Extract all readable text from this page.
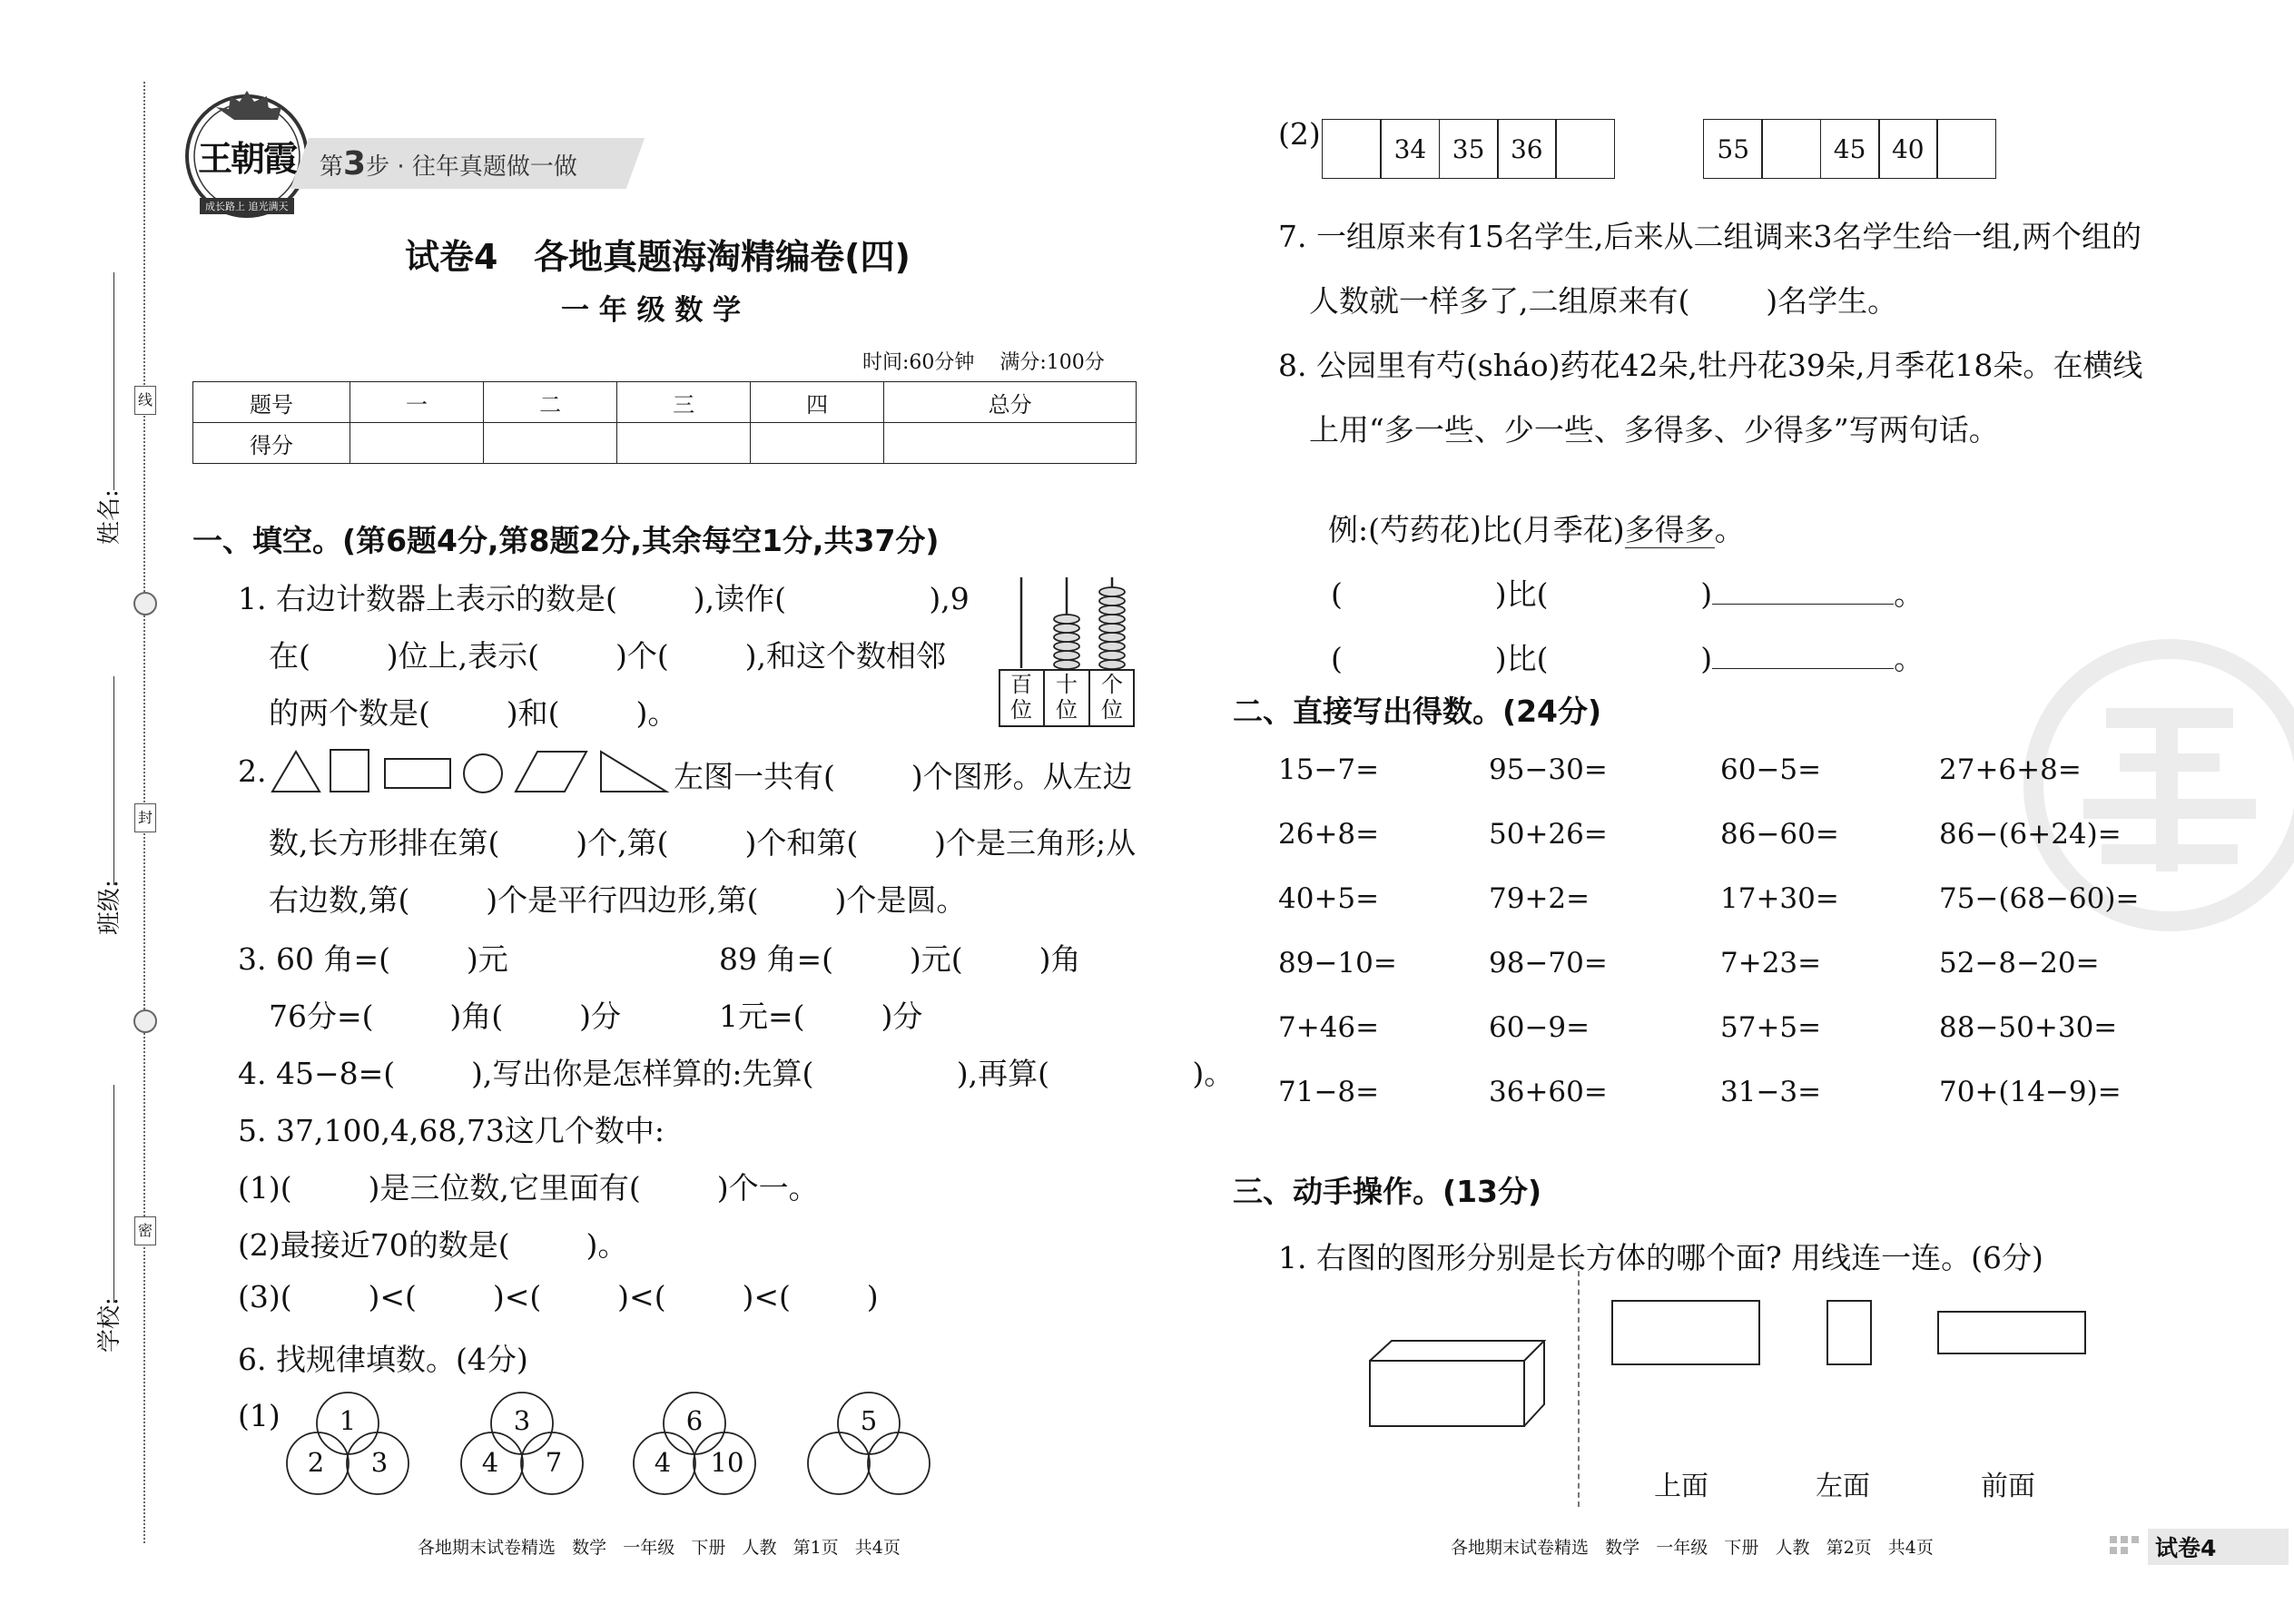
姓名:
班级:
学校:
线
封
密
王朝霞
成长路上 追光满天
第3步 · 往年真题做一做
试卷4   各地真题海淘精编卷(四)
一 年 级 数 学
时间:60分钟    满分:100分
题号	一	二	三	四	总分
得分					
一、填空。(第6题4分,第8题2分,其余每空1分,共37分)
1. 右边计数器上表示的数是(        ),读作(               ),9
在(        )位上,表示(        )个(        ),和这个数相邻
的两个数是(        )和(        )。
百
位
十
位
个
位
2.	左图一共有(        )个图形。从左边
数,长方形排在第(        )个,第(        )个和第(        )个是三角形;从
右边数,第(        )个是平行四边形,第(        )个是圆。
3. 60 角=(        )元	89 角=(        )元(        )角
76分=(        )角(        )分	1元=(        )分
4. 45−8=(        ),写出你是怎样算的:先算(               ),再算(               )。
5. 37,100,4,68,73这几个数中:
(1)(        )是三位数,它里面有(        )个一。
(2)最接近70的数是(        )。
(3)(        )<(        )<(        )<(        )<(        )
6. 找规律填数。(4分)
(1)	1
2	3
3
4	7
6
4	10
5
各地期末试卷精选   数学   一年级   下册   人教   第1页   共4页
(2)	34	35	36	55	45	40
7. 一组原来有15名学生,后来从二组调来3名学生给一组,两个组的
人数就一样多了,二组原来有(        )名学生。
8. 公园里有芍(sháo)药花42朵,牡丹花39朵,月季花18朵。在横线
上用“多一些、少一些、多得多、少得多”写两句话。

例:(芍药花)比(月季花)多得多。

(                )比(                )	。

(                )比(                )	。

二、直接写出得数。(24分)
15−7=	95−30=	60−5=	27+6+8=
26+8=	50+26=	86−60=	86−(6+24)=
40+5=	79+2=	17+30=	75−(68−60)=
89−10=	98−70=	7+23=	52−8−20=
7+46=	60−9=	57+5=	88−50+30=
71−8=	36+60=	31−3=	70+(14−9)=
三、动手操作。(13分)
1. 右图的图形分别是长方体的哪个面? 用线连一连。(6分)
上面	左面	前面
各地期末试卷精选   数学   一年级   下册   人教   第2页   共4页	试卷4
